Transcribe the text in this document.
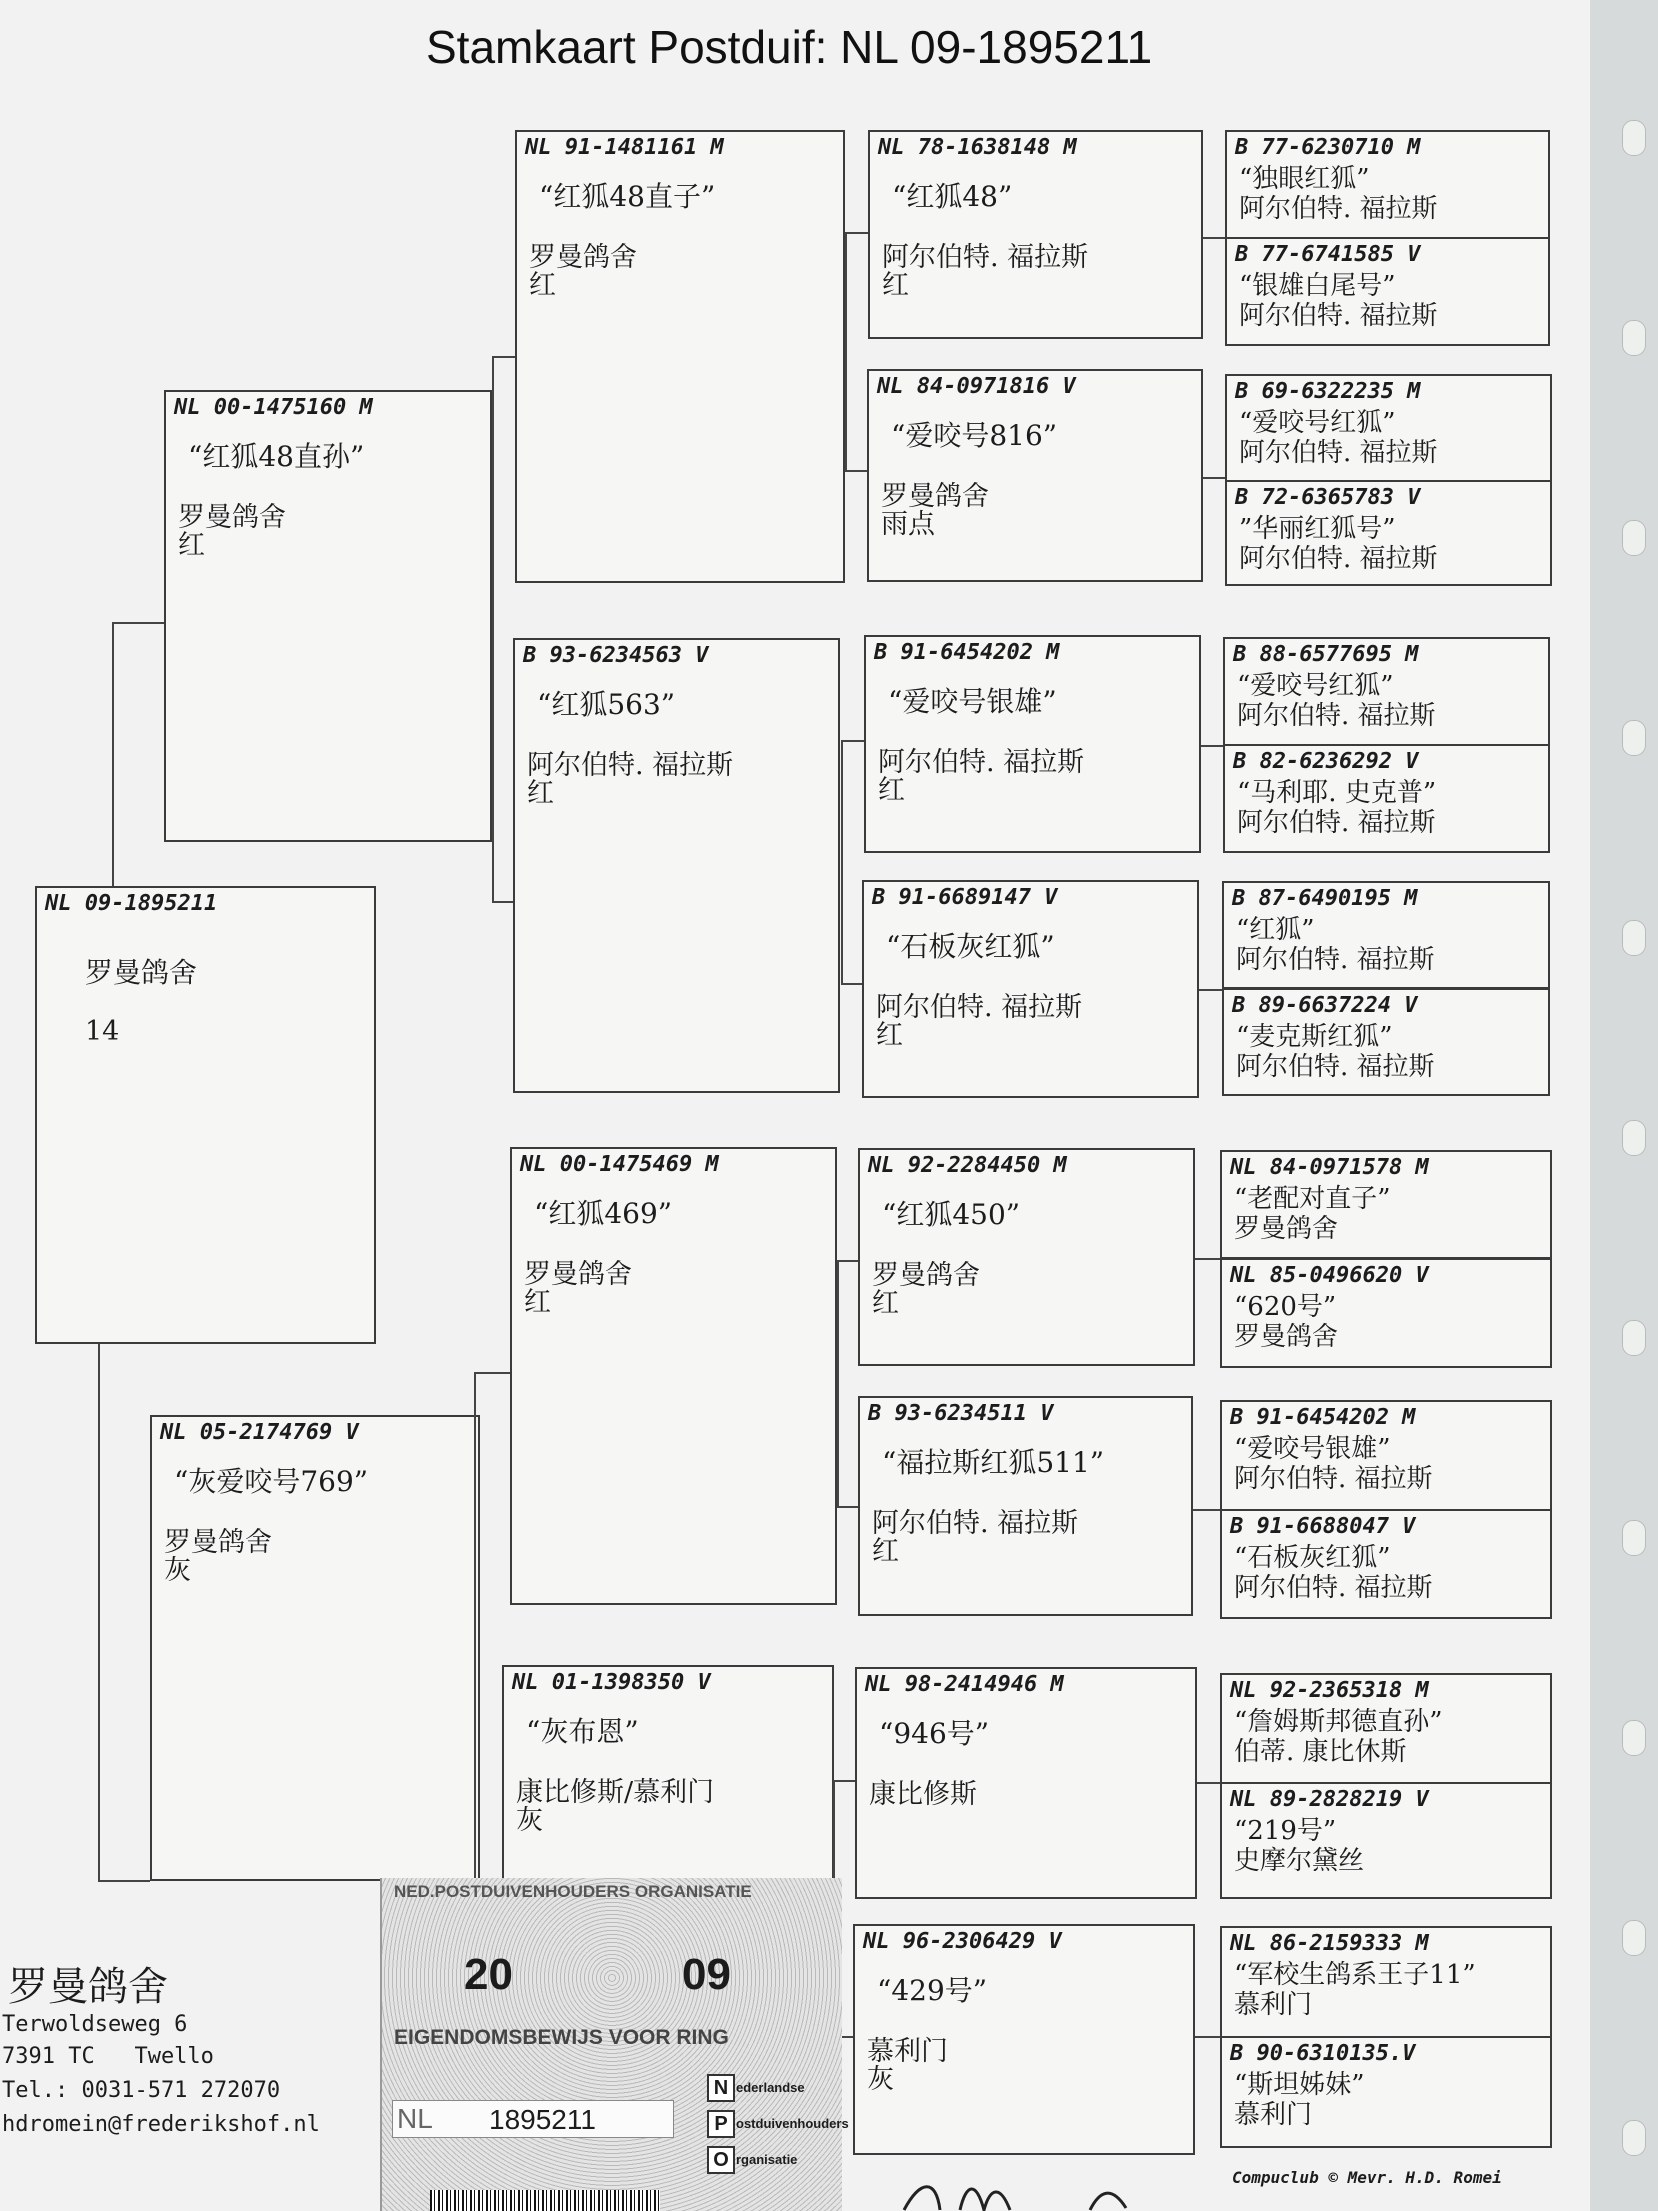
Stamkaart Postduif: NL 09-1895211
NL 09-1895211
罗曼鸽舍
14
NL 00-1475160 M
“红狐48直孙”
罗曼鸽舍
红
NL 05-2174769 V
“灰爱咬号769”
罗曼鸽舍
灰
NL 91-1481161 M
“红狐48直子”
罗曼鸽舍
红
B 93-6234563 V
“红狐563”
阿尔伯特. 福拉斯
红
NL 00-1475469 M
“红狐469”
罗曼鸽舍
红
NL 01-1398350 V
“灰布恩”
康比修斯/慕利门
灰
NL 78-1638148 M
“红狐48”
阿尔伯特. 福拉斯
红
NL 84-0971816 V
“爱咬号816”
罗曼鸽舍
雨点
B 91-6454202 M
“爱咬号银雄”
阿尔伯特. 福拉斯
红
B 91-6689147 V
“石板灰红狐”
阿尔伯特. 福拉斯
红
NL 92-2284450 M
“红狐450”
罗曼鸽舍
红
B 93-6234511 V
“福拉斯红狐511”
阿尔伯特. 福拉斯
红
NL 98-2414946 M
“946号”
康比修斯
NL 96-2306429 V
“429号”
慕利门
灰
B 77-6230710 M
“独眼红狐”
阿尔伯特. 福拉斯
B 77-6741585 V
“银雄白尾号”
阿尔伯特. 福拉斯
B 69-6322235 M
“爱咬号红狐”
阿尔伯特. 福拉斯
B 72-6365783 V
”华丽红狐号”
阿尔伯特. 福拉斯
B 88-6577695 M
“爱咬号红狐”
阿尔伯特. 福拉斯
B 82-6236292 V
“马利耶. 史克普”
阿尔伯特. 福拉斯
B 87-6490195 M
“红狐”
阿尔伯特. 福拉斯
B 89-6637224 V
“麦克斯红狐”
阿尔伯特. 福拉斯
NL 84-0971578 M
“老配对直子”
罗曼鸽舍
NL 85-0496620 V
“620号”
罗曼鸽舍
B 91-6454202 M
“爱咬号银雄”
阿尔伯特. 福拉斯
B 91-6688047 V
“石板灰红狐”
阿尔伯特. 福拉斯
NL 92-2365318 M
“詹姆斯邦德直孙”
伯蒂. 康比休斯
NL 89-2828219 V
“219号”
史摩尔黛丝
NL 86-2159333 M
“军校生鸽系王子11”
慕利门
B 90-6310135.V
“斯坦姊妹”
慕利门
罗曼鸽舍
Terwoldseweg 6
7391 TC   Twello
Tel.: 0031-571 272070
hdromein@frederikshof.nl
NED.POSTDUIVENHOUDERS ORGANISATIE
20	09
EIGENDOMSBEWIJS VOOR RING
NL 1895211
N ederlandse
P ostduivenhouders
O rganisatie
Compuclub © Mevr. H.D. Romei
